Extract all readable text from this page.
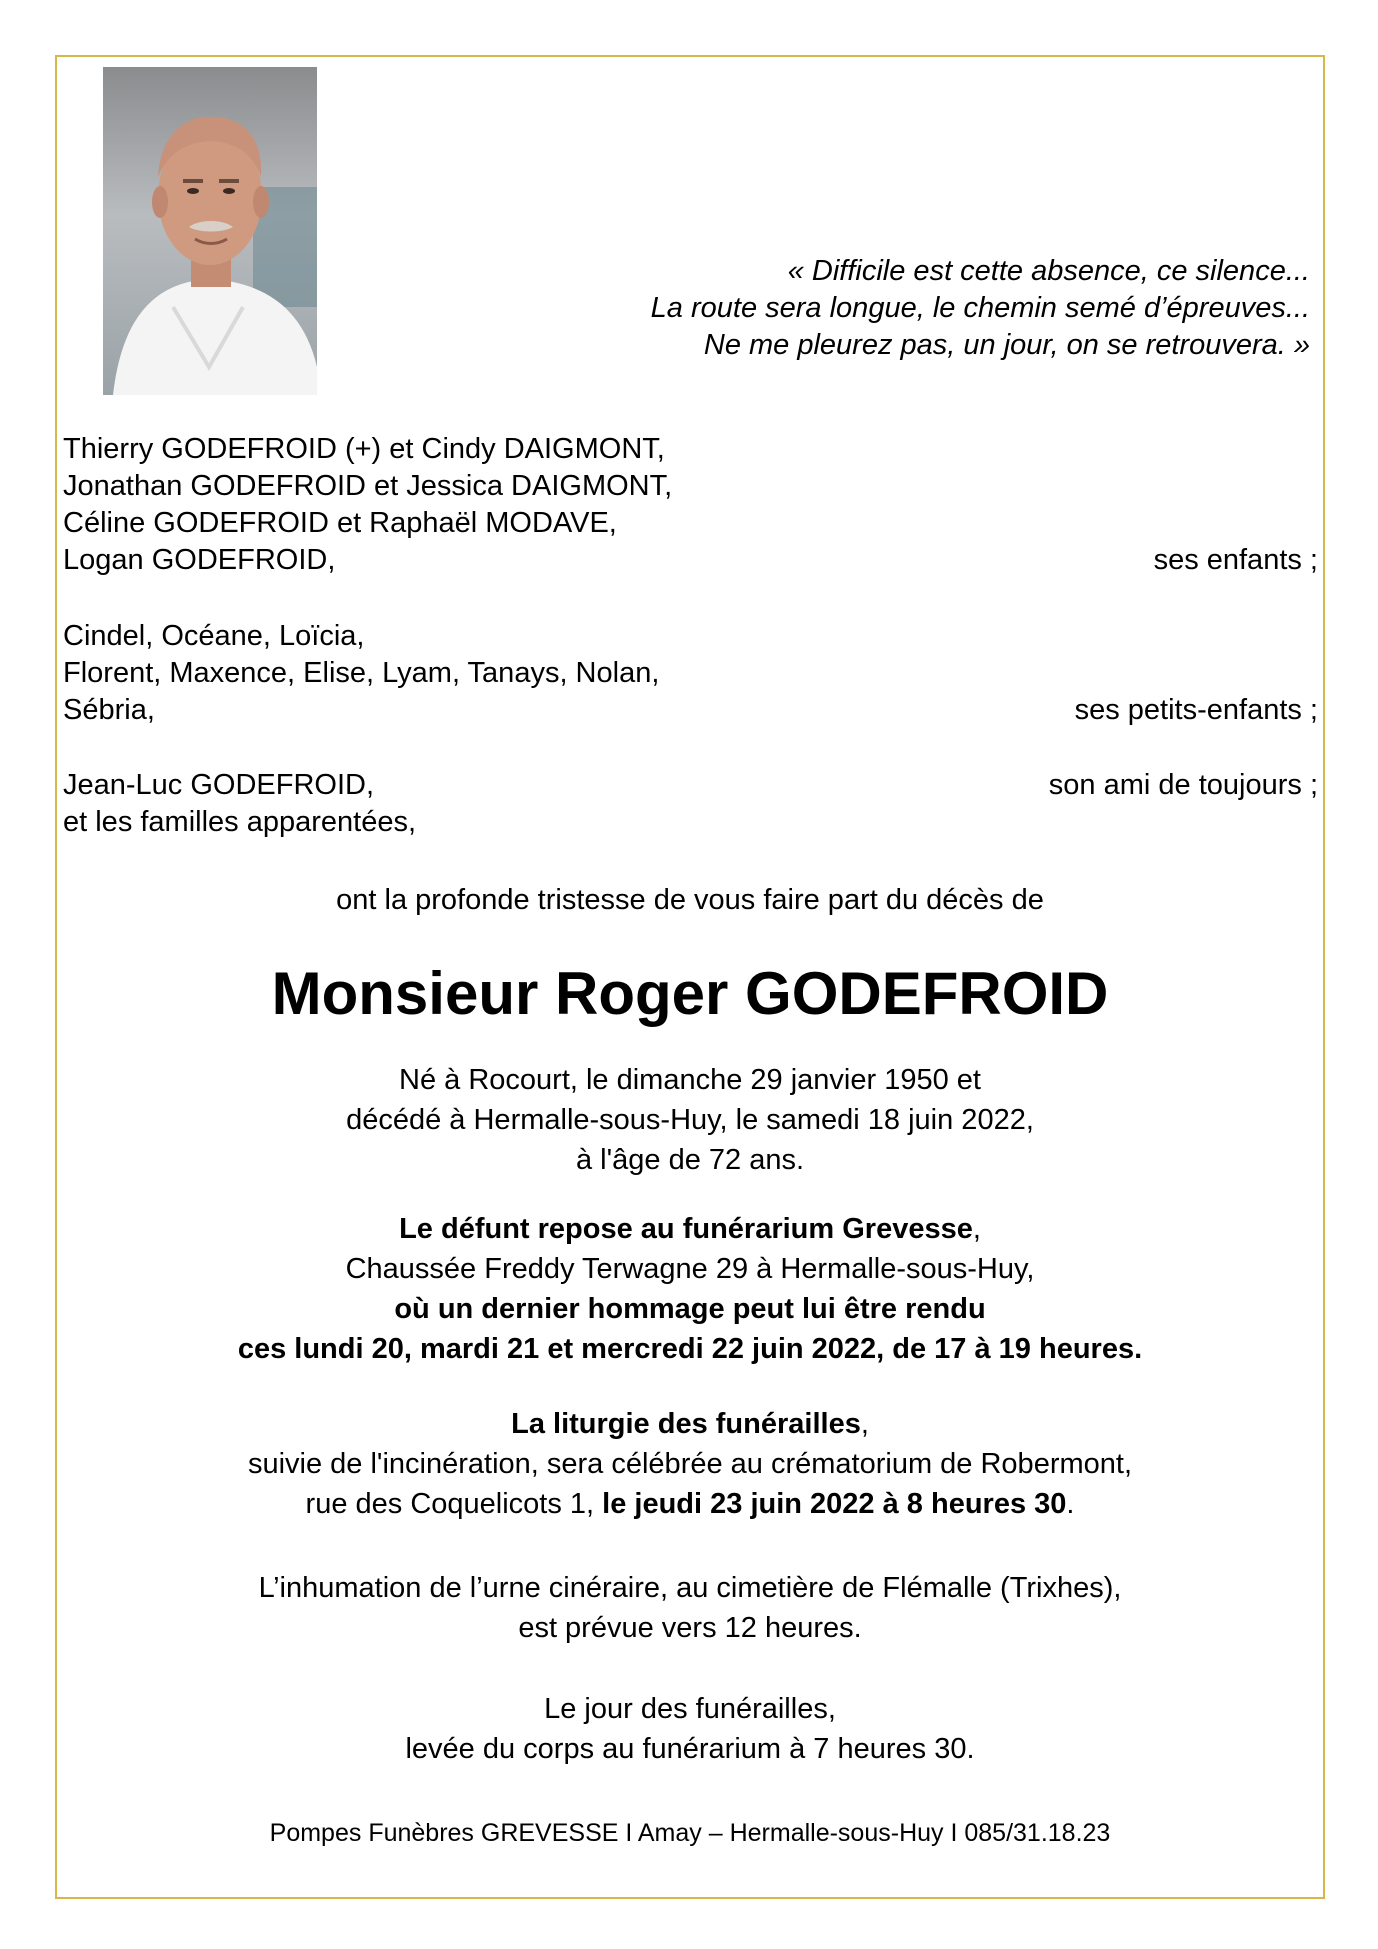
« Difficile est cette absence, ce silence...
La route sera longue, le chemin semé d’épreuves...
Ne me pleurez pas, un jour, on se retrouvera. »
Thierry GODEFROID (+) et Cindy DAIGMONT,
Jonathan GODEFROID et Jessica DAIGMONT,
Céline GODEFROID et Raphaël MODAVE,
Logan GODEFROID,	ses enfants ;
Cindel, Océane, Loïcia,
Florent, Maxence, Elise, Lyam, Tanays, Nolan,
Sébria,	ses petits-enfants ;
Jean-Luc GODEFROID,	son ami de toujours ;
et les familles apparentées,
ont la profonde tristesse de vous faire part du décès de
Monsieur Roger GODEFROID
Né à Rocourt, le dimanche 29 janvier 1950 et
décédé à Hermalle-sous-Huy, le samedi 18 juin 2022,
à l'âge de 72 ans.
Le défunt repose au funérarium Grevesse,
Chaussée Freddy Terwagne 29 à Hermalle-sous-Huy,
où un dernier hommage peut lui être rendu
ces lundi 20, mardi 21 et mercredi 22 juin 2022, de 17 à 19 heures.
La liturgie des funérailles,
suivie de l'incinération, sera célébrée au crématorium de Robermont,
rue des Coquelicots 1, le jeudi 23 juin 2022 à 8 heures 30.
L’inhumation de l’urne cinéraire, au cimetière de Flémalle (Trixhes),
est prévue vers 12 heures.
Le jour des funérailles,
levée du corps au funérarium à 7 heures 30.
Pompes Funèbres GREVESSE I Amay – Hermalle-sous-Huy I 085/31.18.23
